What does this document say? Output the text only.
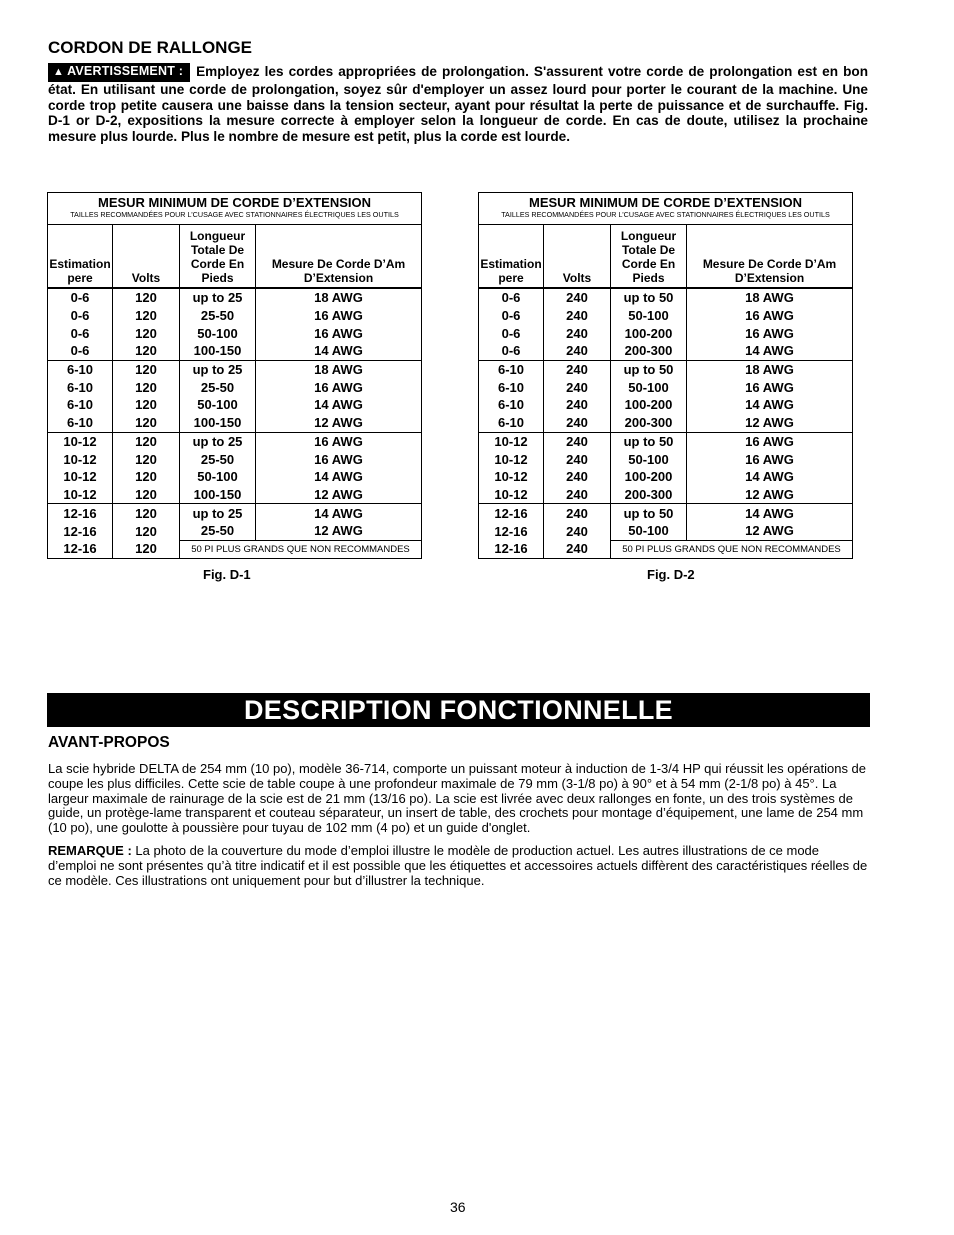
CORDON DE RALLONGE
▲ AVERTISSEMENT : Employez les cordes appropriées de prolongation. S'assurent votre corde de prolongation est en bon état. En utilisant une corde de prolongation, soyez sûr d'employer un assez lourd pour porter le courant de la machine. Une corde trop petite causera une baisse dans la tension secteur, ayant pour résultat la perte de puissance et de surchauffe. Fig. D-1 or D-2, expositions la mesure correcte à employer selon la longueur de corde. En cas de doute, utilisez la prochaine mesure plus lourde. Plus le nombre de mesure est petit, plus la corde est lourde.
MESUR MINIMUM DE CORDE D’EXTENSION
TAILLES RECOMMANDÉES POUR L’CUSAGE AVEC STATIONNAIRES ÉLECTRIQUES LES OUTILS			

Estimation
pere	Volts	Longueur
Totale De
Corde En
Pieds	Mesure De Corde D’Am
D’Extension
0-6	120	up to 25	18 AWG
0-6	120	25-50	16 AWG
0-6	120	50-100	16 AWG
0-6	120	100-150	14 AWG
6-10	120	up to 25	18 AWG
6-10	120	25-50	16 AWG
6-10	120	50-100	14 AWG
6-10	120	100-150	12 AWG
10-12	120	up to 25	16 AWG
10-12	120	25-50	16 AWG
10-12	120	50-100	14 AWG
10-12	120	100-150	12 AWG
12-16	120	up to 25	14 AWG
12-16	120	25-50	12 AWG
12-16	120	50 PI PLUS GRANDS QUE NON RECOMMANDES	
Fig. D-1
MESUR MINIMUM DE CORDE D’EXTENSION
TAILLES RECOMMANDÉES POUR L’CUSAGE AVEC STATIONNAIRES ÉLECTRIQUES LES OUTILS			

Estimation
pere	Volts	Longueur
Totale De
Corde En
Pieds	Mesure De Corde D’Am
D’Extension
0-6	240	up to 50	18 AWG
0-6	240	50-100	16 AWG
0-6	240	100-200	16 AWG
0-6	240	200-300	14 AWG
6-10	240	up to 50	18 AWG
6-10	240	50-100	16 AWG
6-10	240	100-200	14 AWG
6-10	240	200-300	12 AWG
10-12	240	up to 50	16 AWG
10-12	240	50-100	16 AWG
10-12	240	100-200	14 AWG
10-12	240	200-300	12 AWG
12-16	240	up to 50	14 AWG
12-16	240	50-100	12 AWG
12-16	240	50 PI PLUS GRANDS QUE NON RECOMMANDES	
Fig. D-2
DESCRIPTION FONCTIONNELLE
AVANT-PROPOS
La scie hybride DELTA de 254 mm (10 po), modèle 36-714, comporte un puissant moteur à induction de 1-3/4 HP qui réussit les opérations de coupe les plus difficiles. Cette scie de table coupe à une profondeur maximale de 79 mm (3-1/8 po) à 90° et à 54 mm (2-1/8 po) à 45°. La largeur maximale de rainurage de la scie est de 21 mm (13/16 po). La scie est livrée avec deux rallonges en fonte, un des trois systèmes de guide, un protège-lame transparent et couteau séparateur, un insert de table, des crochets pour montage d’équipement, une lame de 254 mm (10 po), une goulotte à poussière pour tuyau de 102 mm (4 po) et un guide d'onglet.
REMARQUE : La photo de la couverture du mode d’emploi illustre le modèle de production actuel. Les autres illustrations de ce mode d’emploi ne sont présentes qu’à titre indicatif et il est possible que les étiquettes et accessoires actuels diffèrent des caractéristiques réelles de ce modèle. Ces illustrations ont uniquement pour but d’illustrer la technique.
36
